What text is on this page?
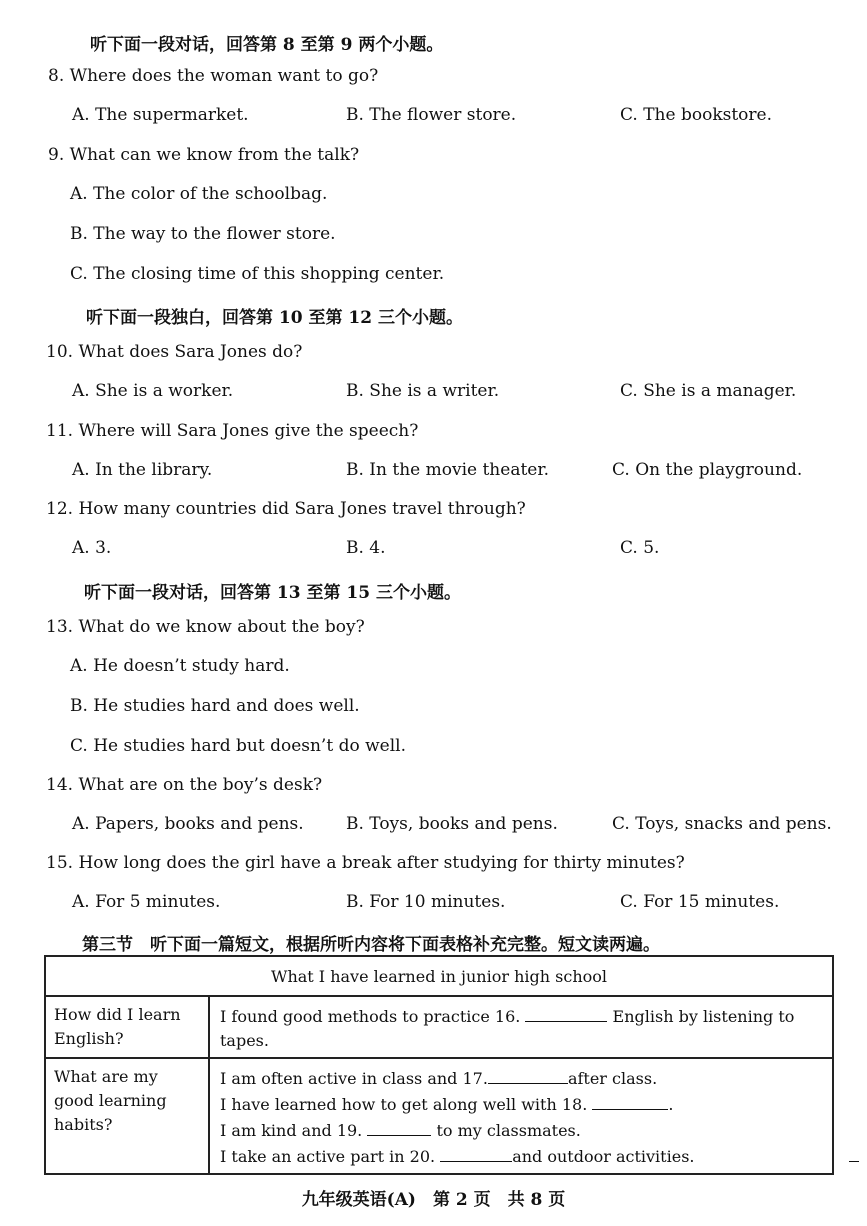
听下面一段对话，回答第 8 至第 9 两个小题。
8. Where does the woman want to go?
A. The supermarket.	B. The flower store.	C. The bookstore.
9. What can we know from the talk?
A. The color of the schoolbag.
B. The way to the flower store.
C. The closing time of this shopping center.
听下面一段独白，回答第 10 至第 12 三个小题。
10. What does Sara Jones do?
A. She is a worker.	B. She is a writer.	C. She is a manager.
11. Where will Sara Jones give the speech?
A. In the library.	B. In the movie theater.	C. On the playground.
12. How many countries did Sara Jones travel through?
A. 3.	B. 4.	C. 5.
听下面一段对话，回答第 13 至第 15 三个小题。
13. What do we know about the boy?
A. He doesn’t study hard.
B. He studies hard and does well.
C. He studies hard but doesn’t do well.
14. What are on the boy’s desk?
A. Papers, books and pens. B. Toys, books and pens.	C. Toys, snacks and pens.
15. How long does the girl have a break after studying for thirty minutes?
A. For 5 minutes.	B. For 10 minutes.	C. For 15 minutes.
第三节　听下面一篇短文，根据所听内容将下面表格补充完整。短文读两遍。
What I have learned in junior high school	
How did I learn English?	I found good methods to practice 16. English by listening to tapes.
What are my good learning habits?	I am often active in class and 17. after class.
I have learned how to get along well with 18. .
I am kind and 19. to my classmates.
I take an active part in 20. and outdoor activities.
九年级英语(A)　第 2 页　共 8 页
